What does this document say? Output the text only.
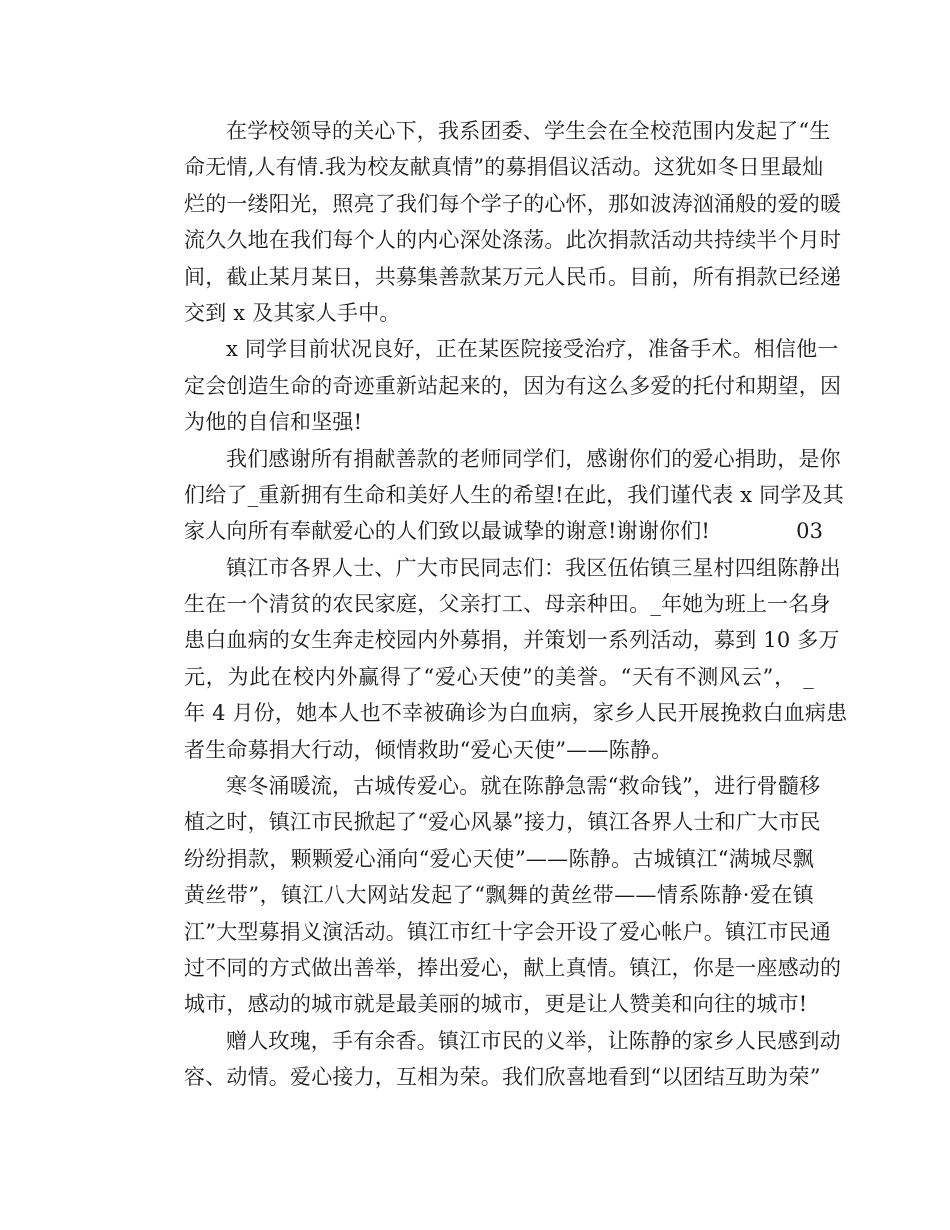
在学校领导的关心下，我系团委、学生会在全校范围内发起了“生
命无情,人有情.我为校友献真情”的募捐倡议活动。这犹如冬日里最灿
烂的一缕阳光，照亮了我们每个学子的心怀，那如波涛汹涌般的爱的暖
流久久地在我们每个人的内心深处涤荡。此次捐款活动共持续半个月时
间，截止某月某日，共募集善款某万元人民币。目前，所有捐款已经递
交到 x 及其家人手中。
x 同学目前状况良好，正在某医院接受治疗，准备手术。相信他一
定会创造生命的奇迹重新站起来的，因为有这么多爱的托付和期望，因
为他的自信和坚强!
我们感谢所有捐献善款的老师同学们，感谢你们的爱心捐助，是你
们给了_重新拥有生命和美好人生的希望!在此，我们谨代表 x 同学及其
家人向所有奉献爱心的人们致以最诚挚的谢意!谢谢你们!	03
镇江市各界人士、广大市民同志们：我区伍佑镇三星村四组陈静出
生在一个清贫的农民家庭，父亲打工、母亲种田。_年她为班上一名身
患白血病的女生奔走校园内外募捐，并策划一系列活动，募到 10 多万
元，为此在校内外赢得了“爱心天使”的美誉。“天有不测风云”， _
年 4 月份，她本人也不幸被确诊为白血病，家乡人民开展挽救白血病患
者生命募捐大行动，倾情救助“爱心天使”——陈静。
寒冬涌暖流，古城传爱心。就在陈静急需“救命钱”，进行骨髓移
植之时，镇江市民掀起了“爱心风暴”接力，镇江各界人士和广大市民
纷纷捐款，颗颗爱心涌向“爱心天使”——陈静。古城镇江“满城尽飘
黄丝带”，镇江八大网站发起了“飘舞的黄丝带——情系陈静·爱在镇
江”大型募捐义演活动。镇江市红十字会开设了爱心帐户。镇江市民通
过不同的方式做出善举，捧出爱心，献上真情。镇江，你是一座感动的
城市，感动的城市就是最美丽的城市，更是让人赞美和向往的城市!
赠人玫瑰，手有余香。镇江市民的义举，让陈静的家乡人民感到动
容、动情。爱心接力，互相为荣。我们欣喜地看到“以团结互助为荣”
